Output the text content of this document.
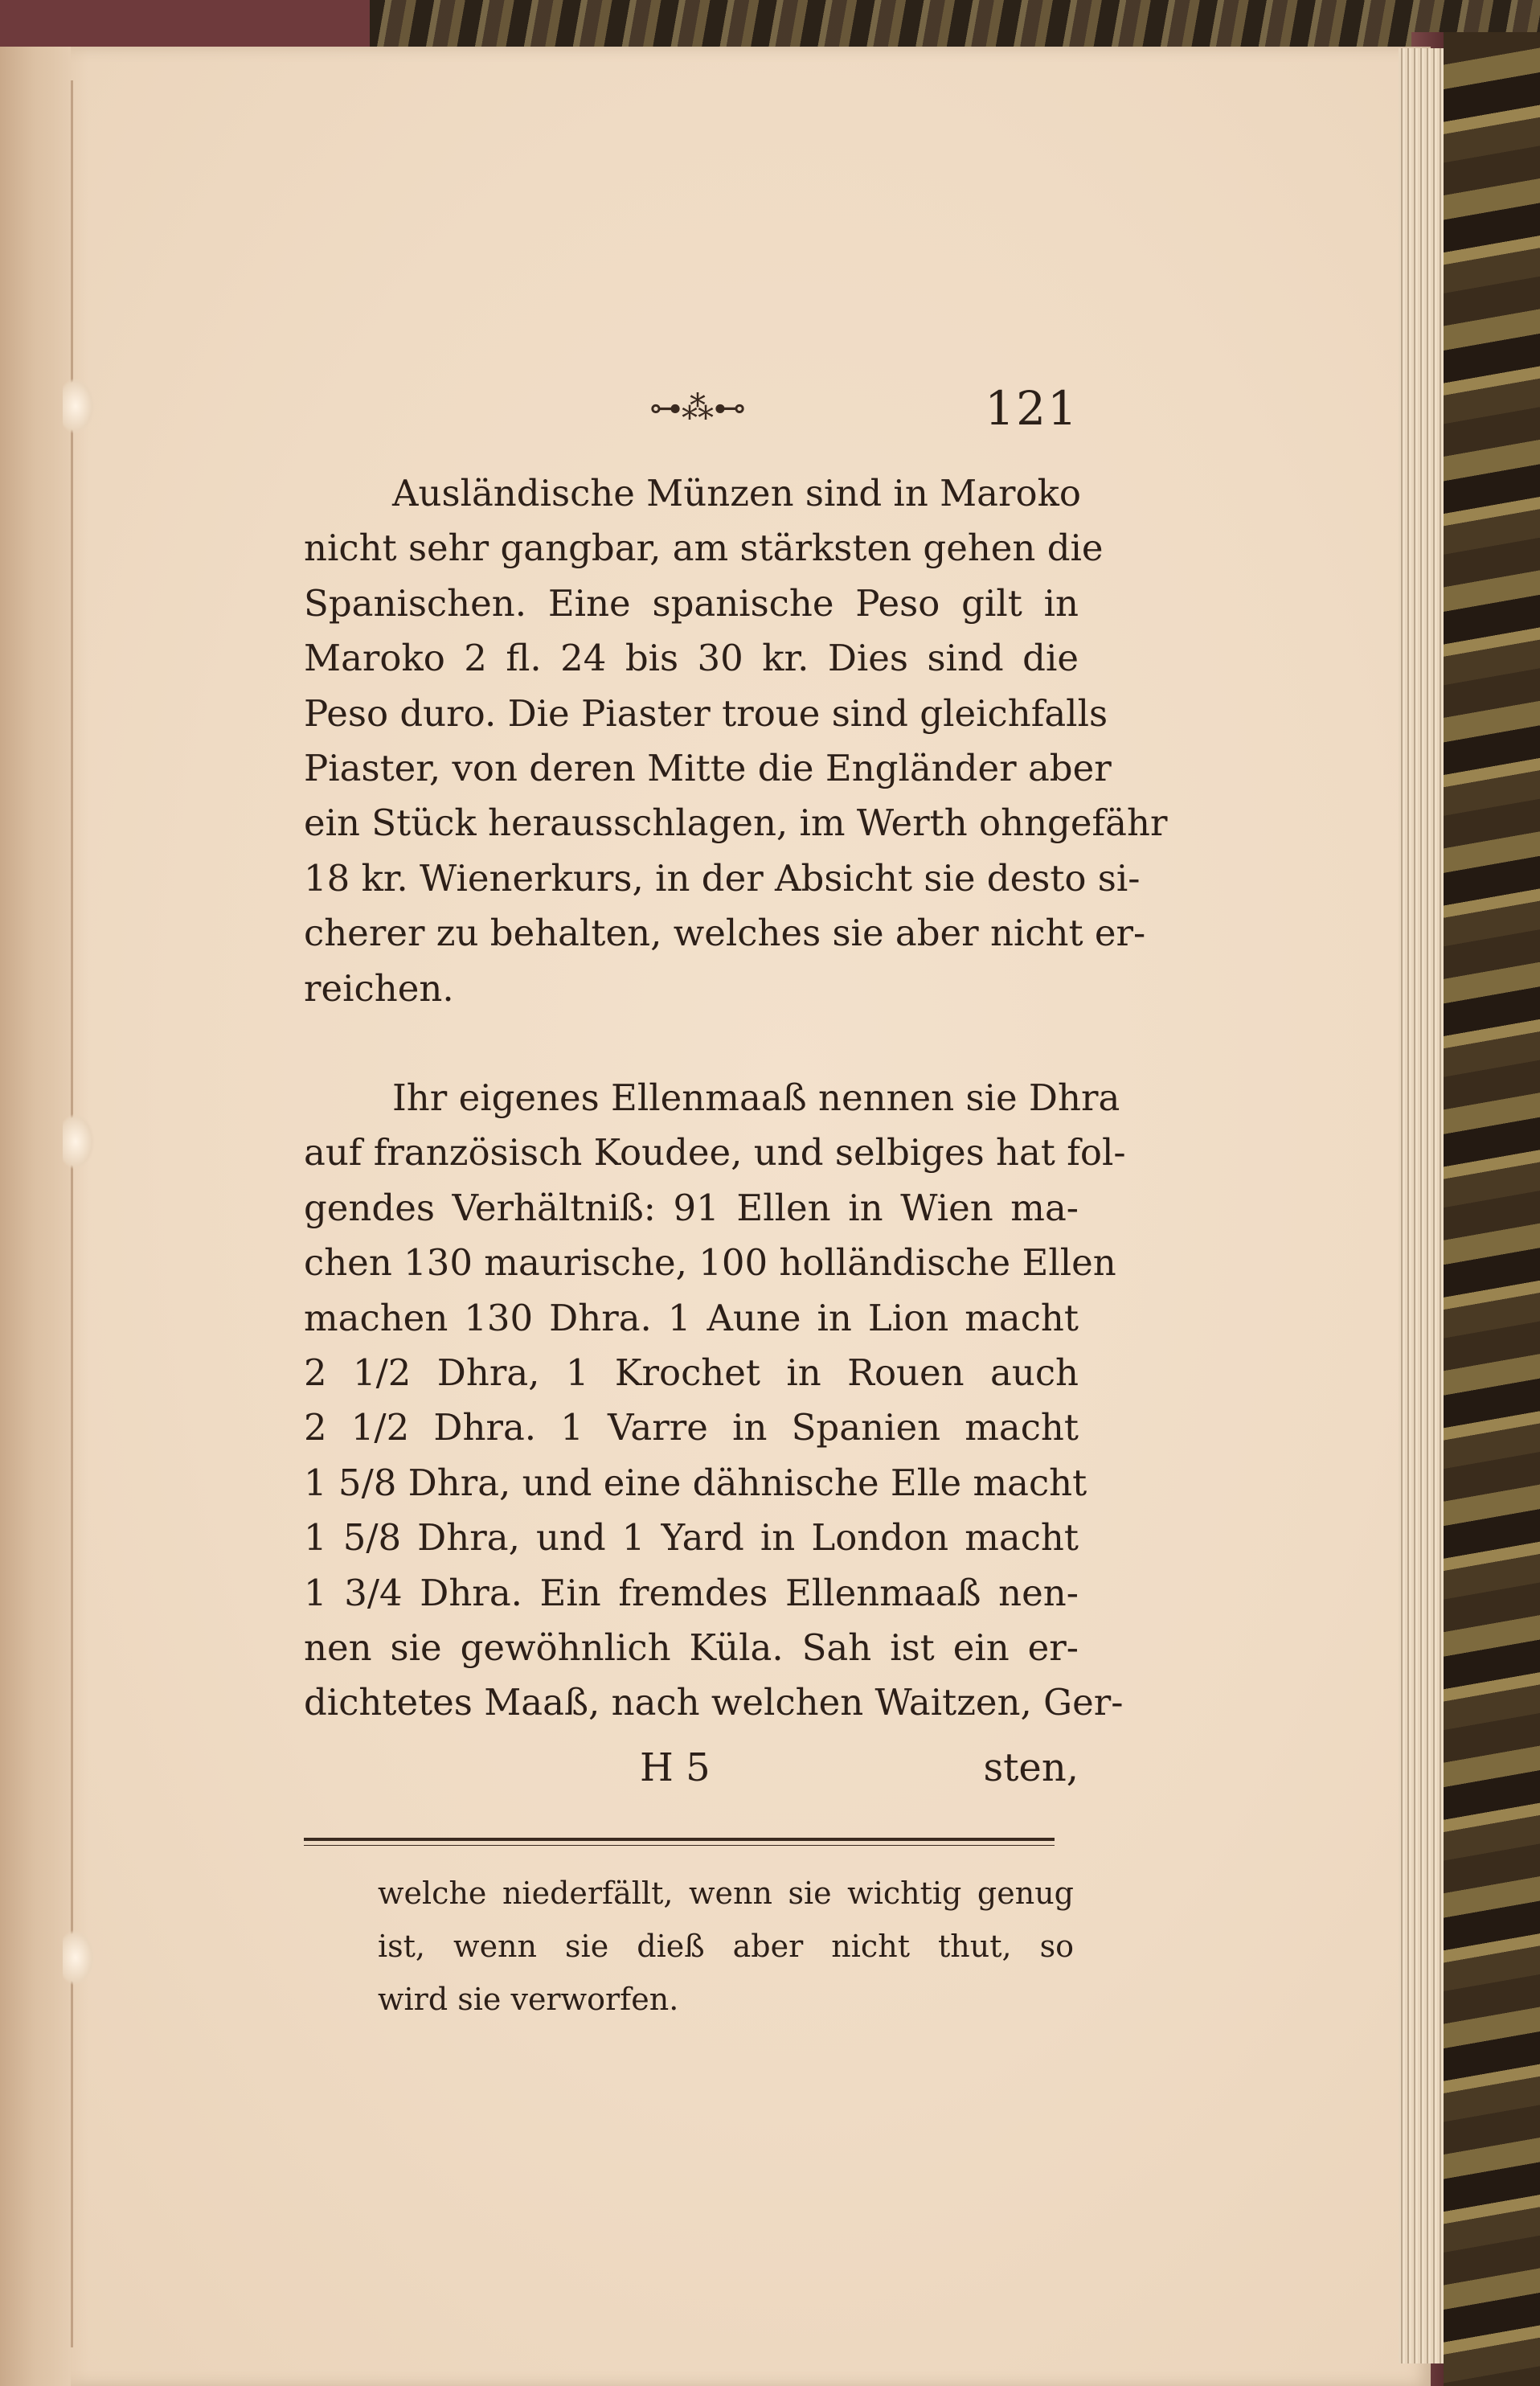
⊶⁂⊷	121
Ausländische Münzen sind in Maroko
nicht sehr gangbar, am stärksten gehen die
Spanischen. Eine spanische Peso gilt in
Maroko 2 fl. 24 bis 30 kr. Dies sind die
Peso duro. Die Piaster troue sind gleichfalls
Piaster, von deren Mitte die Engländer aber
ein Stück herausschlagen, im Werth ohngefähr
18 kr. Wienerkurs, in der Absicht sie desto si-
cherer zu behalten, welches sie aber nicht er-
reichen.
Ihr eigenes Ellenmaaß nennen sie Dhra
auf französisch Koudee, und selbiges hat fol-
gendes Verhältniß: 91 Ellen in Wien ma-
chen 130 maurische, 100 holländische Ellen
machen 130 Dhra. 1 Aune in Lion macht
2 1/2 Dhra, 1 Krochet in Rouen auch
2 1/2 Dhra. 1 Varre in Spanien macht
1 5/8 Dhra, und eine dähnische Elle macht
1 5/8 Dhra, und 1 Yard in London macht
1 3/4 Dhra. Ein fremdes Ellenmaaß nen-
nen sie gewöhnlich Küla. Sah ist ein er-
dichtetes Maaß, nach welchen Waitzen, Ger-
H 5	sten,
welche niederfällt, wenn sie wichtig genug
ist, wenn sie dieß aber nicht thut, so
wird sie verworfen.
